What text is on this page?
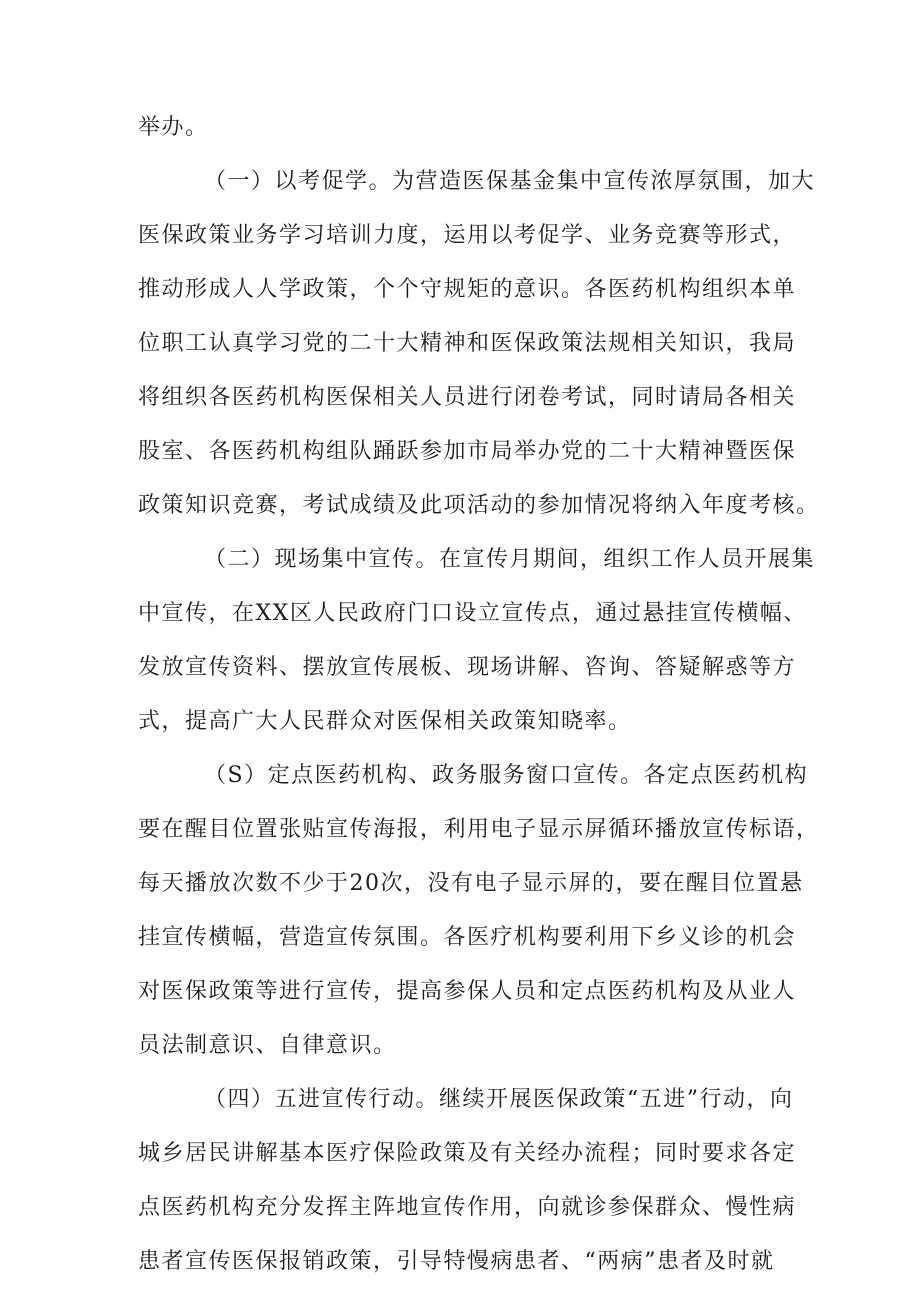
举办。
（一）以考促学。为营造医保基金集中宣传浓厚氛围，加大
医保政策业务学习培训力度，运用以考促学、业务竞赛等形式，
推动形成人人学政策，个个守规矩的意识。各医药机构组织本单
位职工认真学习党的二十大精神和医保政策法规相关知识，我局
将组织各医药机构医保相关人员进行闭卷考试，同时请局各相关
股室、各医药机构组队踊跃参加市局举办党的二十大精神暨医保
政策知识竞赛，考试成绩及此项活动的参加情况将纳入年度考核。
（二）现场集中宣传。在宣传月期间，组织工作人员开展集
中宣传，在XX区人民政府门口设立宣传点，通过悬挂宣传横幅、
发放宣传资料、摆放宣传展板、现场讲解、咨询、答疑解惑等方
式，提高广大人民群众对医保相关政策知晓率。
（S）定点医药机构、政务服务窗口宣传。各定点医药机构
要在醒目位置张贴宣传海报，利用电子显示屏循环播放宣传标语，
每天播放次数不少于20次，没有电子显示屏的，要在醒目位置悬
挂宣传横幅，营造宣传氛围。各医疗机构要利用下乡义诊的机会
对医保政策等进行宣传，提高参保人员和定点医药机构及从业人
员法制意识、自律意识。
（四）五进宣传行动。继续开展医保政策“五进”行动，向
城乡居民讲解基本医疗保险政策及有关经办流程；同时要求各定
点医药机构充分发挥主阵地宣传作用，向就诊参保群众、慢性病
患者宣传医保报销政策，引导特慢病患者、“两病”患者及时就
